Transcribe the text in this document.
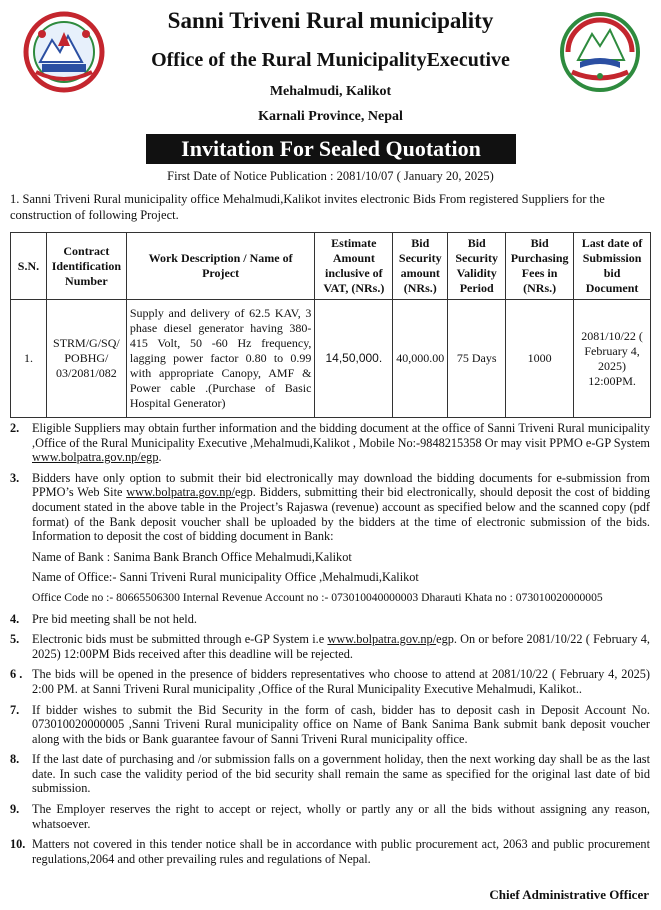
Sanni Triveni Rural municipality
Office of the Rural MunicipalityExecutive
Mehalmudi, Kalikot
Karnali Province, Nepal
Invitation For Sealed Quotation
First Date of Notice Publication : 2081/10/07 ( January 20, 2025)
1. Sanni Triveni Rural municipality office Mehalmudi,Kalikot invites electronic Bids From registered Suppliers for the construction of following Project.
S.N.	Contract Identification Number	Work Description / Name of Project	Estimate Amount inclusive of VAT, (NRs.)	Bid Security amount (NRs.)	Bid Security Validity Period	Bid Purchasing Fees in (NRs.)	Last date of Submission bid Document
1.	STRM/G/SQ/ POBHG/ 03/2081/082	Supply and delivery of 62.5 KAV, 3 phase diesel generator having 380-415 Volt, 50 -60 Hz frequency, lagging power factor 0.80 to 0.99 with appropriate Canopy, AMF & Power cable .(Purchase of Basic Hospital Generator)	14,50,000.	40,000.00	75 Days	1000	2081/10/22 ( February 4, 2025) 12:00PM.
2.	Eligible Suppliers may obtain further information and the bidding document at the office of Sanni Triveni Rural municipality ,Office of the Rural Municipality Executive ,Mehalmudi,Kalikot , Mobile No:-9848215358 Or may visit PPMO e-GP System www.bolpatra.gov.np/egp.
3.	Bidders have only option to submit their bid electronically may download the bidding documents for e-submission from PPMO’s Web Site www.bolpatra.gov.np/egp. Bidders, submitting their bid electronically, should deposit the cost of bidding document stated in the above table in the Project’s Rajaswa (revenue) account as specified below and the scanned copy (pdf format) of the Bank deposit voucher shall be uploaded by the bidders at the time of electronic submission of the bids. Information to deposit the cost of bidding document in Bank:
Name of Bank : Sanima Bank Branch Office Mehalmudi,Kalikot
Name of Office:- Sanni Triveni Rural municipality Office ,Mehalmudi,Kalikot
Office Code no :- 80665506300 Internal Revenue Account no :- 073010040000003 Dharauti Khata no : 073010020000005
4.	Pre bid meeting shall be not held.
5.	Electronic bids must be submitted through e-GP System i.e www.bolpatra.gov.np/egp. On or before 2081/10/22 ( February 4, 2025) 12:00PM Bids received after this deadline will be rejected.
6 . The bids will be opened in the presence of bidders representatives who choose to attend at 2081/10/22 ( February 4, 2025) 2:00 PM. at Sanni Triveni Rural municipality ,Office of the Rural Municipality Executive Mehalmudi, Kalikot..
7.	If bidder wishes to submit the Bid Security in the form of cash, bidder has to deposit cash in Deposit Account No. 073010020000005 ,Sanni Triveni Rural municipality office on Name of Bank Sanima Bank submit bank deposit voucher along with the bids or Bank guarantee favour of Sanni Triveni Rural municipality office.
8.	If the last date of purchasing and /or submission falls on a government holiday, then the next working day shall be as the last date. In such case the validity period of the bid security shall remain the same as specified for the original last date of bid submission.
9.	The Employer reserves the right to accept or reject, wholly or partly any or all the bids without assigning any reason, whatsoever.
10. Matters not covered in this tender notice shall be in accordance with public procurement act, 2063 and public procurement regulations,2064 and other prevailing rules and regulations of Nepal.
Chief Administrative Officer
